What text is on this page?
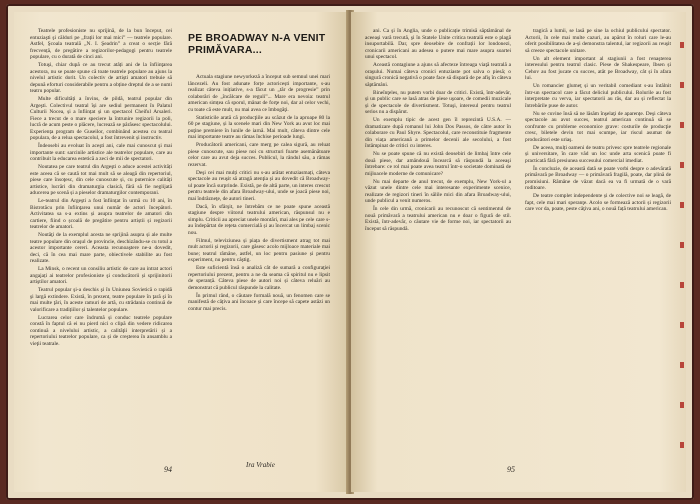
Teatrele profesioniste nu sprijinã, de la bun început, cei entuziaşti şi călduri pe „frații lor mai mici” — teatrele populare. Astfel, Şcoala teatrală „N. I. Şeadrin” a creat o secție fără frecvență, de pregătire a regizorilor-pedagogi pentru teatrele populare, cu o durată de cinci ani.

Totuşi, chiar după ce au trecut atâți ani de la înfiinţarea acestora, nu se poate spune că toate teatrele populare au ajuns la nivelul artistic dorit. Un colectiv de artiști amatori trebuie să depună eforturi considerabile pentru a obține dreptul de a se numi teatru popular.

Multe dificultăți a învins, de pildă, teatrul popular din Argeşti. Colectivul teatral își are sediul permanent în Palatul Culturii Nocea, și a înființat și un spectacol Cheiful Arsaleri. Fiece a trecut de o mare speciere la întrunire regizorii la poli, lucră de acum peste o plăcere, lucrează se pârăsesc spectacolului. Experiența program de Guseilor, combinând acestea cu teatral populara, de a relua spectacolul, a fost întrevenit și instructiv.

Îndeosebi au evoluat în aceşti ani, cale mai cunoscut şi mai importante sunt: sarcinile artistice ale teatrelor populare, care au contribuit la educarea estetică a zeci de mii de spectatori.

Noutatea pe care teatrul din Argeşti o aduce acestei activități este aceea că se caută tot mai mult să se aleagă din repertoriul, piese care însoţesc, din cele cunoscute și, cu puternice calități artistice, lucrări din dramaturgia clasică, fără să fie neglijată aducerea pe scenă și a pieselor dramaturgilor contemporani.

Le-teatrul din Argeşti a fost înființat în urmă cu 10 ani, în Bistrotăcu prin înfiinţarea unui număr de actori începători. Activitatea sa s-a extins și asupra teatrelor de amatori din cartiere, fiind o școală de pregătire pentru artiștii și regizorii teatrelor de amatori.

Noutăţi de la exemplul acesta ne sprijină asupra și ale multe teatre populare din oraşul de provincie, deschizându-se cu totul a acestor importante cereri. Aceasta recunoaştere ne-a dovedit, deci, că în cea mai mare parte, obiectivele stabilite au fost realizate.

La Minsk, o recent un consiliu artistic de care au intrat actori angajați ai teatrelor profesioniste şi conducătorii și sprijinitorii artiştilor amatori.

Teatrul popular şi-a deschis şi în Uniunea Sovietică o rapidă şi largă extindere. Există, în prezent, teatre populare în ţară şi în mai multe ţări, în aceste ramuri de artă, cu strădania continuă de valorificare a tradițiilor și talentelor populare.

Lucrarea celor care îndrumă și conduc teatrele populare constă în faptul că ei nu pierd nici o clipă din vedere ridicarea continuă a nivelului artistic, a calităţii interpretării și a repertoriului teatrelor populare, ca și de creşterea în ansamblu a vieţii teatrale.

PE BROADWAY N-A VENIT PRIMĂVARA...

Actuala stagiune newyorkeză a început sub semnul unei mari lâncezeli. Au fost adunate forțe actoricești importante, s-au realizat câteva inițiative, s-a făcut un „tăr de progresie” prin colaborări de „încălcare de reguli”... Mare era nevoia: teatrul american simțea că sporul, mânat de forţe noi, dar al celor vechi, cu toate că este mult, nu mai avea ce îmbogăţi.

Statisticile arată că producţiile au scăzut de la aproape 80 la 60 pe stagiune, și la scenele mari din New York au avut loc mai puţine premiere în lunile de iarnă. Mai mult, câteva dintre cele mai importante teatre au rămas închise perioade lungi.

Producătorii americani, care merg pe calea sigură, au reluat piese cunoscute, sau piese noi cu structuri foarte asemănătoare celor care au avut deja succes. Publicul, la rândul său, a rămas rezervat.

Deşi cei mai mulți critici nu s-au arătat entuziasmați, câteva spectacole au reuşit să atragă atenţia și au dovedit că Broadway-ul poate încă surprinde. Există, pe de altă parte, un interes crescut pentru teatrele din afara Broadway-ului, unde se joacă piese noi, mai îndrăzneţe, de autori tineri.

Dacă, în sfârşit, ne întrebăm ce ne poate spune această stagiune despre viitorul teatrului american, răspunsul nu e simplu. Criticii au apreciat unele montări, mai ales pe cele care s-au îndepărtat de rețeta comercială și au încercat un limbaj scenic nou.

Filmul, televiziunea și piața de divertisment atrag tot mai mult actorii și regizorii, care găsesc acolo mijloace materiale mai bune; teatrul rămâne, astfel, un loc pentru pasiune și pentru experiment, nu pentru câştig.

Este suficientă însă o analiză cât de sumară a configuraţiei repertoriului prezent, pentru a ne da seama că spiritul nu e lipsit de speranță. Câteva piese de autori noi și câteva reluări au demonstrat că publicul răspunde la calitate.

În primul rând, o căutare formală nouă, un fenomen care se manifestă de câțiva ani încoace și care începe să capete astăzi un contur mai precis.

Ira Vrabie
94

ani. Ca şi în Anglia, unde o publicație trimisă săptămânal de aceeaşi vară trecută, şi în Statele Unite critica teatrală este o plagă insuportabilă. Dar, spre deosebire de confrații lor londonezi, cronicarii americani au adesea o putere mai mare asupra soartei unui spectacol.

Această contagiune a ajuns să afecteze întreaga viaţă teatrală a oraşului. Numai câteva cronici entuziaste pot salva o piesă; o singură cronică negativă o poate face să dispară de pe afiş în câteva săptămâni.

Bineînţeles, nu putem vorbi doar de critici. Există, într-adevăr, și un public care se lasă atras de piese uşoare, de comedii muzicale și de spectacole de divertisment. Totuşi, interesul pentru teatrul serios nu a dispărut.

Un exemplu tipic de acest gen îl reprezintă U.S.A. — dramatizare după romanul lui John Dos Passos, de către autor în colaborare cu Paul Shyre. Spectacolul, care reconstituie fragmente din viața americană a primelor decenii ale secolului, a fost întâmpinat de critici cu interes.

Nu se poate spune că nu există deosebiri de limbaj între cele două piese, dar amândouă încearcă să răspundă la aceeaşi întrebare: ce rol mai poate avea teatrul într-o societate dominată de mijloacele moderne de comunicare?

Nu mai departe de anul trecut, de exemplu, New York-ul a văzut unele dintre cele mai interesante experimente scenice, realizate de regizori tineri în sălile mici din afara Broadway-ului, unde publicul a venit numeros.

În cele din urmă, cronicarii au recunoscut că sentimentul de nouă primăvară a teatrului american nu e doar o figură de stil. Există, într-adevăr, o căutare vie de forme noi, iar spectatorii au început să răspundă.

tragică a lumii, se lasă pe sine la ochiul publicului spectator. Actorii, în cele mai multe cazuri, au apărut în roluri care le-au oferit posibilitatea de a-și demonstra talentul, iar regizorii au reuşit să creeze spectacole unitare.

Un alt element important al stagiunii a fost renaşterea interesului pentru teatrul clasic. Piese de Shakespeare, Ibsen și Cehov au fost jucate cu succes, atât pe Broadway, cât și în afara lui.

Un romancier glumeţ și un veritabil comediant s-au întâlnit într-un spectacol care a făcut deliciul publicului. Rolurile au fost interpretate cu verva, iar spectatorii au râs, dar au și reflectat la întrebările puse de autor.

Nu se cuvine însă să ne lăsăm înşelaţi de aparențe. Deşi câteva spectacole au avut succes, teatrul american continuă să se confrunte cu probleme economice grave: costurile de producţie cresc, biletele devin tot mai scumpe, iar riscul asumat de producători este uriaş.

De aceea, mulți oameni de teatru privesc spre teatrele regionale și universitare, în care văd un loc unde arta scenică poate fi practicată fără presiunea succesului comercial imediat.

În concluzie, de această dată se poate vorbi despre o adevărată primăvară pe Broadway — o primăvară fragilă, poate, dar plină de promisiuni. Rămâne de văzut dacă ea va fi urmată de o vară roditoare.

De teatre complet independente și de colective noi se leagă, de fapt, cele mai mari speranţe. Acolo se formează actorii și regizorii care vor da, poate, peste câţiva ani, o nouă față teatrului american.

95
